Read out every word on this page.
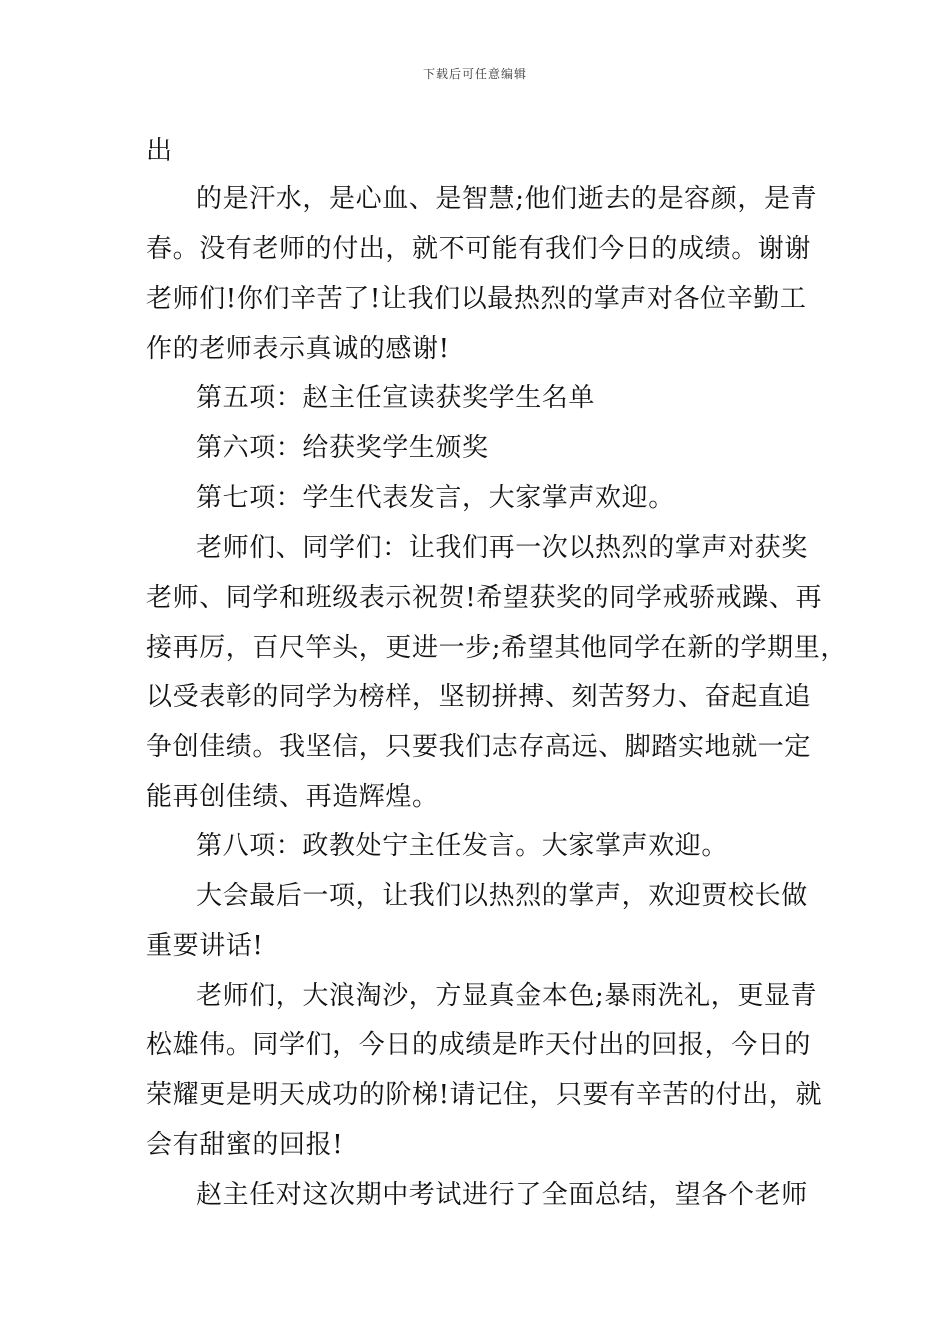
下载后可任意编辑
出
的是汗水，是心血、是智慧;他们逝去的是容颜，是青
春。没有老师的付出，就不可能有我们今日的成绩。谢谢
老师们!你们辛苦了!让我们以最热烈的掌声对各位辛勤工
作的老师表示真诚的感谢!
第五项：赵主任宣读获奖学生名单
第六项：给获奖学生颁奖
第七项：学生代表发言，大家掌声欢迎。
老师们、同学们：让我们再一次以热烈的掌声对获奖
老师、同学和班级表示祝贺!希望获奖的同学戒骄戒躁、再
接再厉，百尺竿头，更进一步;希望其他同学在新的学期里，
以受表彰的同学为榜样，坚韧拼搏、刻苦努力、奋起直追
争创佳绩。我坚信，只要我们志存高远、脚踏实地就一定
能再创佳绩、再造辉煌。
第八项：政教处宁主任发言。大家掌声欢迎。
大会最后一项，让我们以热烈的掌声，欢迎贾校长做
重要讲话!
老师们，大浪淘沙，方显真金本色;暴雨洗礼，更显青
松雄伟。同学们，今日的成绩是昨天付出的回报，今日的
荣耀更是明天成功的阶梯!请记住，只要有辛苦的付出，就
会有甜蜜的回报!
赵主任对这次期中考试进行了全面总结，望各个老师
